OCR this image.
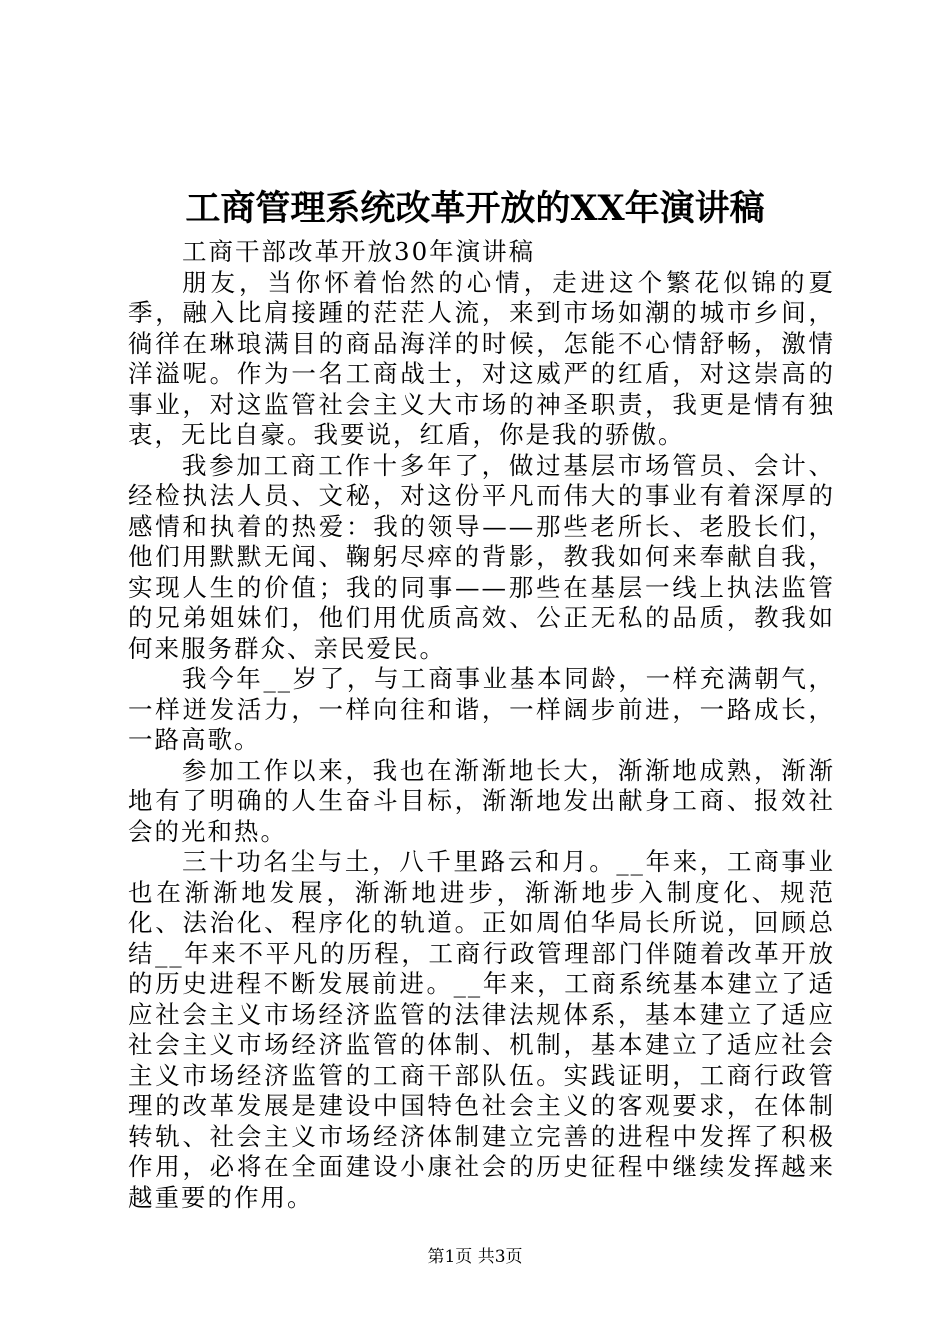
工商管理系统改革开放的XX年演讲稿

工商干部改革开放30年演讲稿

朋友，当你怀着怡然的心情，走进这个繁花似锦的夏季，融入比肩接踵的茫茫人流，来到市场如潮的城市乡间，徜徉在琳琅满目的商品海洋的时候，怎能不心情舒畅，激情洋溢呢。作为一名工商战士，对这威严的红盾，对这崇高的事业，对这监管社会主义大市场的神圣职责，我更是情有独衷，无比自豪。我要说，红盾，你是我的骄傲。

我参加工商工作十多年了，做过基层市场管员、会计、经检执法人员、文秘，对这份平凡而伟大的事业有着深厚的感情和执着的热爱：我的领导——那些老所长、老股长们，他们用默默无闻、鞠躬尽瘁的背影，教我如何来奉献自我，实现人生的价值；我的同事——那些在基层一线上执法监管的兄弟姐妹们，他们用优质高效、公正无私的品质，教我如何来服务群众、亲民爱民。

我今年__岁了，与工商事业基本同龄，一样充满朝气，一样迸发活力，一样向往和谐，一样阔步前进，一路成长，一路高歌。

参加工作以来，我也在渐渐地长大，渐渐地成熟，渐渐地有了明确的人生奋斗目标，渐渐地发出献身工商、报效社会的光和热。

三十功名尘与土，八千里路云和月。__年来，工商事业也在渐渐地发展，渐渐地进步，渐渐地步入制度化、规范化、法治化、程序化的轨道。正如周伯华局长所说，回顾总结__年来不平凡的历程，工商行政管理部门伴随着改革开放的历史进程不断发展前进。__年来，工商系统基本建立了适应社会主义市场经济监管的法律法规体系，基本建立了适应社会主义市场经济监管的体制、机制，基本建立了适应社会主义市场经济监管的工商干部队伍。实践证明，工商行政管理的改革发展是建设中国特色社会主义的客观要求，在体制转轨、社会主义市场经济体制建立完善的进程中发挥了积极作用，必将在全面建设小康社会的历史征程中继续发挥越来越重要的作用。

第1页 共3页
